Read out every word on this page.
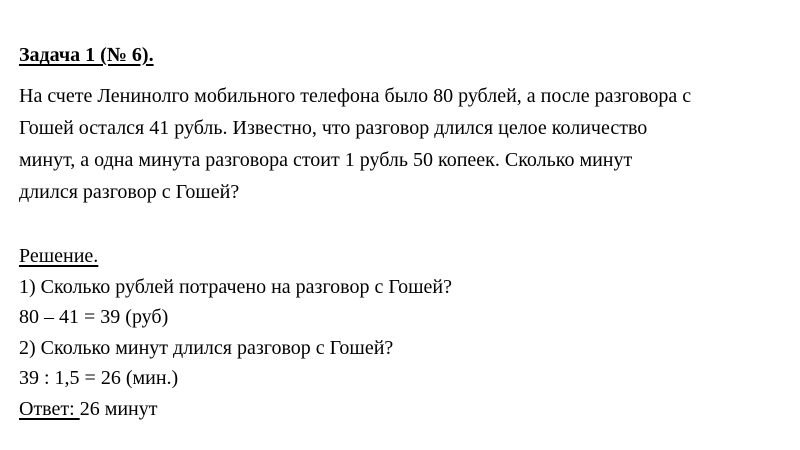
Задача 1 (№ 6).
На счете Ленинолго мобильного телефона было 80 рублей, а после разговора с
Гошей остался 41 рубль. Известно, что разговор длился целое количество
минут, а одна минута разговора стоит 1 рубль 50 копеек. Сколько минут
длился разговор с Гошей?
Решение.
1) Сколько рублей потрачено на разговор с Гошей?
80 – 41 = 39 (руб)
2) Сколько минут длился разговор с Гошей?
39 : 1,5 = 26 (мин.)
Ответ: 26 минут
